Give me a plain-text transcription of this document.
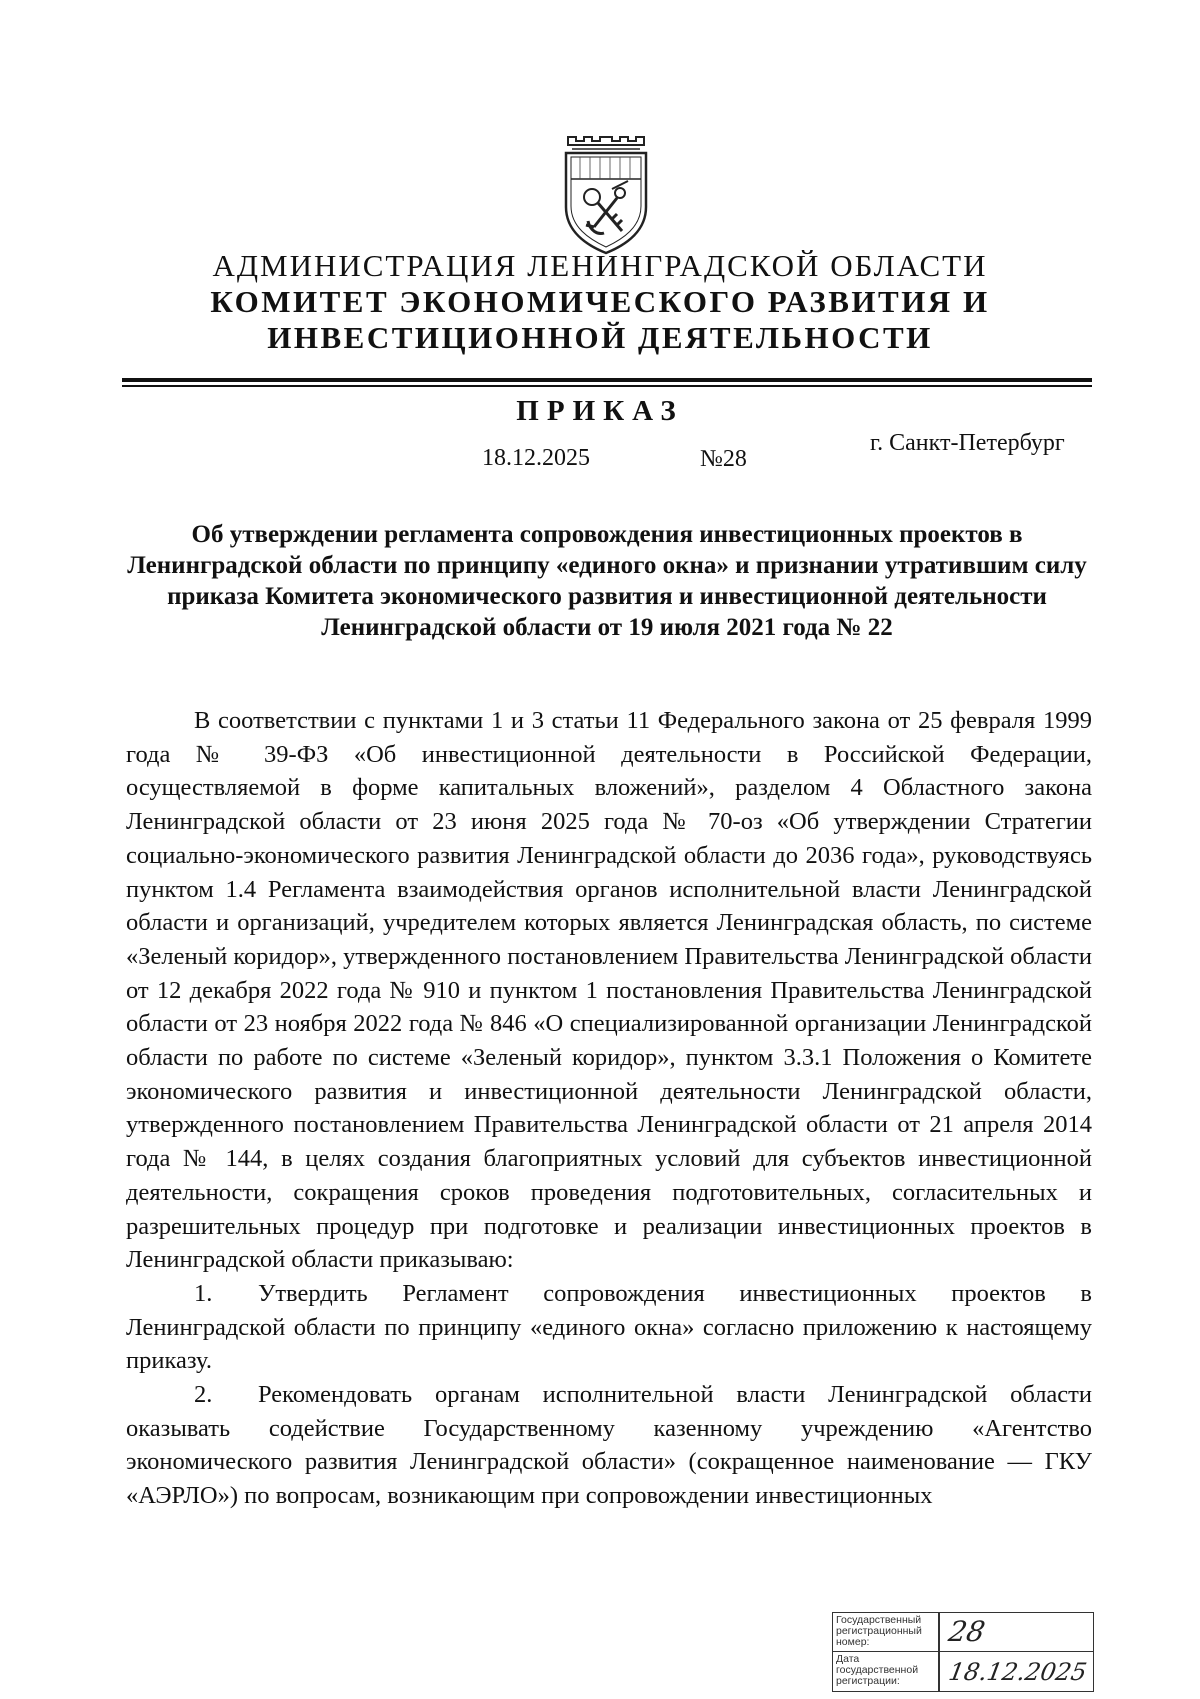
АДМИНИСТРАЦИЯ ЛЕНИНГРАДСКОЙ ОБЛАСТИ
КОМИТЕТ ЭКОНОМИЧЕСКОГО РАЗВИТИЯ И
ИНВЕСТИЦИОННОЙ ДЕЯТЕЛЬНОСТИ
ПРИКАЗ
г. Санкт-Петербург
18.12.2025	№28
Об утверждении регламента сопровождения инвестиционных проектов в Ленинградской области по принципу «единого окна» и признании утратившим силу приказа Комитета экономического развития и инвестиционной деятельности Ленинградской области от 19 июля 2021 года № 22

В соответствии с пунктами 1 и 3 статьи 11 Федерального закона от 25 февраля 1999 года № 39-ФЗ «Об инвестиционной деятельности в Российской Федерации, осуществляемой в форме капитальных вложений», разделом 4 Областного закона Ленинградской области от 23 июня 2025 года № 70-оз «Об утверждении Стратегии социально-экономического развития Ленинградской области до 2036 года», руководствуясь пунктом 1.4 Регламента взаимодействия органов исполнительной власти Ленинградской области и организаций, учредителем которых является Ленинградская область, по системе «Зеленый коридор», утвержденного постановлением Правительства Ленинградской области от 12 декабря 2022 года № 910 и пунктом 1 постановления Правительства Ленинградской области от 23 ноября 2022 года № 846 «О специализированной организации Ленинградской области по работе по системе «Зеленый коридор», пунктом 3.3.1 Положения о Комитете экономического развития и инвестиционной деятельности Ленинградской области, утвержденного постановлением Правительства Ленинградской области от 21 апреля 2014 года № 144, в целях создания благоприятных условий для субъектов инвестиционной деятельности, сокращения сроков проведения подготовительных, согласительных и разрешительных процедур при подготовке и реализации инвестиционных проектов в Ленинградской области приказываю:

1. Утвердить Регламент сопровождения инвестиционных проектов в Ленинградской области по принципу «единого окна» согласно приложению к настоящему приказу.

2. Рекомендовать органам исполнительной власти Ленинградской области оказывать содействие Государственному казенному учреждению «Агентство экономического развития Ленинградской области» (сокращенное наименование — ГКУ «АЭРЛО») по вопросам, возникающим при сопровождении инвестиционных

Государственный регистрационный номер:	28
Дата государственной регистрации:	18.12.2025
